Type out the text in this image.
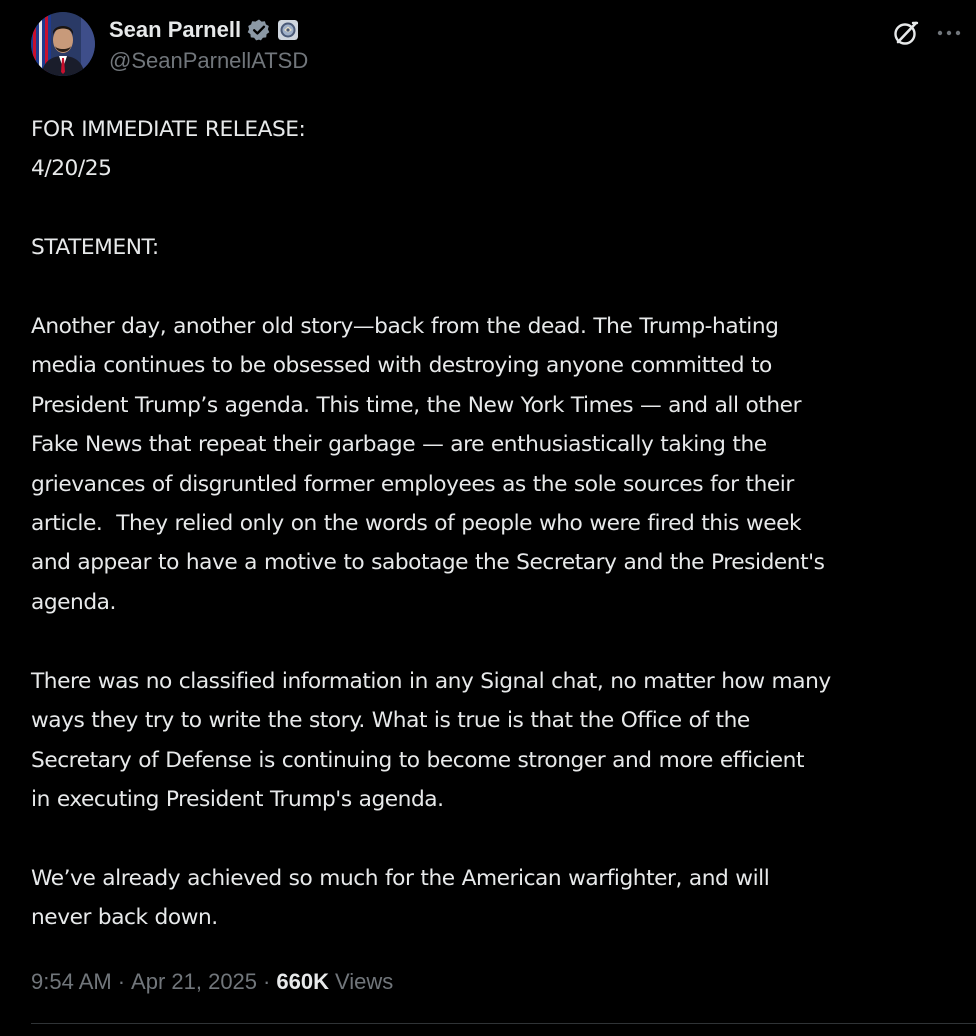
Sean Parnell
@SeanParnellATSD

FOR IMMEDIATE RELEASE:
4/20/25

STATEMENT:

Another day, another old story—back from the dead. The Trump-hating
media continues to be obsessed with destroying anyone committed to
President Trump’s agenda. This time, the New York Times — and all other
Fake News that repeat their garbage — are enthusiastically taking the
grievances of disgruntled former employees as the sole sources for their
article.  They relied only on the words of people who were fired this week
and appear to have a motive to sabotage the Secretary and the President's
agenda.

There was no classified information in any Signal chat, no matter how many
ways they try to write the story. What is true is that the Office of the
Secretary of Defense is continuing to become stronger and more efficient
in executing President Trump's agenda.

We’ve already achieved so much for the American warfighter, and will
never back down.

9:54 AM · Apr 21, 2025 · 660K Views
